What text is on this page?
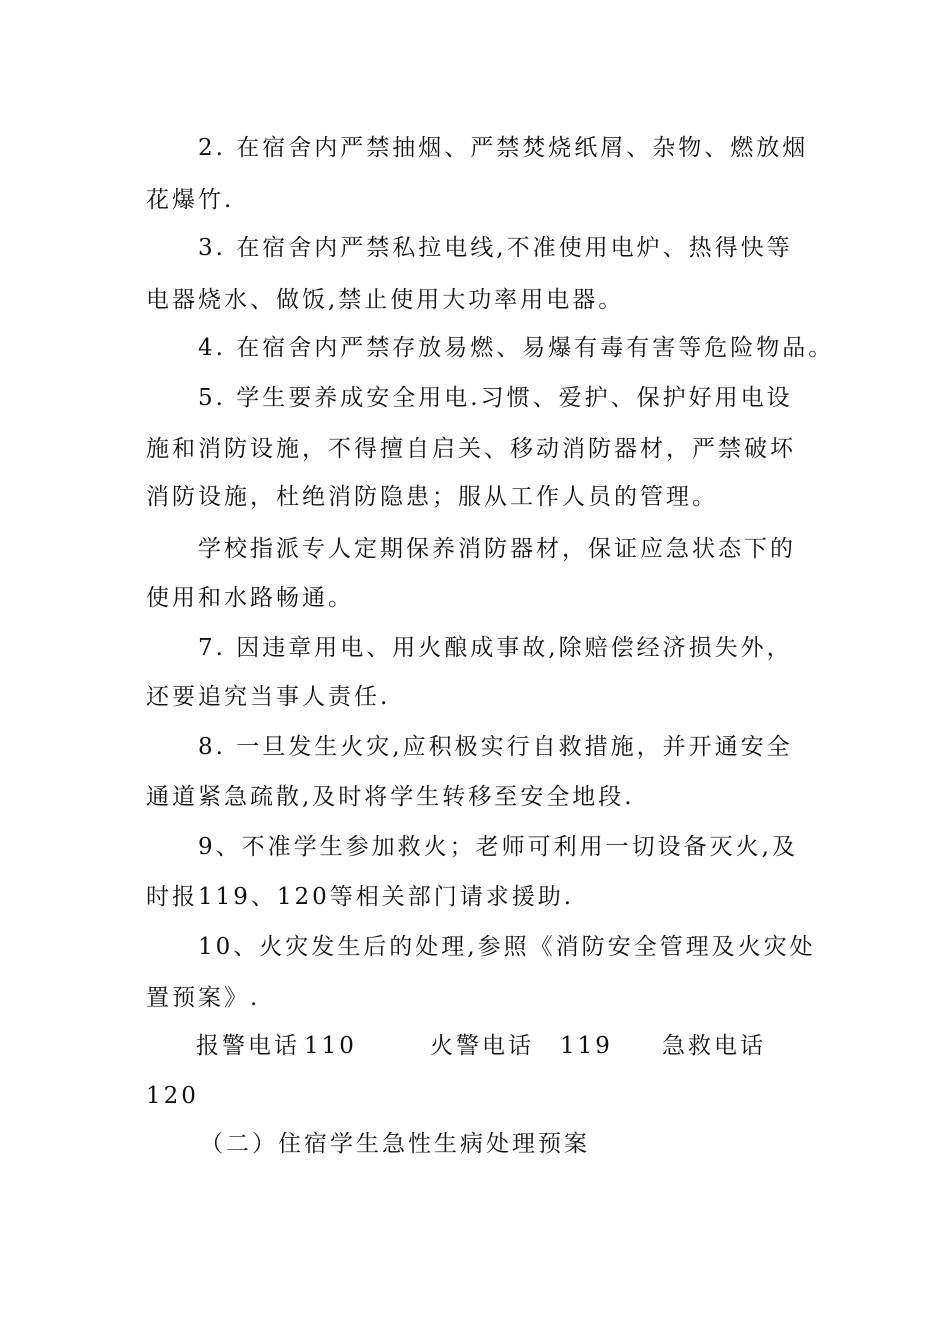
2. 在宿舍内严禁抽烟、严禁焚烧纸屑、杂物、燃放烟
花爆竹.
3. 在宿舍内严禁私拉电线,不准使用电炉、热得快等
电器烧水、做饭,禁止使用大功率用电器。
4. 在宿舍内严禁存放易燃、易爆有毒有害等危险物品。
5. 学生要养成安全用电.习惯、爱护、保护好用电设
施和消防设施，不得擅自启关、移动消防器材，严禁破坏
消防设施，杜绝消防隐患；服从工作人员的管理。
学校指派专人定期保养消防器材，保证应急状态下的
使用和水路畅通。
7. 因违章用电、用火酿成事故,除赔偿经济损失外，
还要追究当事人责任.
8. 一旦发生火灾,应积极实行自救措施，并开通安全
通道紧急疏散,及时将学生转移至安全地段.
9、不准学生参加救火；老师可利用一切设备灭火,及
时报119、120等相关部门请求援助.
10、火灾发生后的处理,参照《消防安全管理及火灾处
置预案》.
报警电话 110	火警电话 119 急救电话
120
（二）住宿学生急性生病处理预案
